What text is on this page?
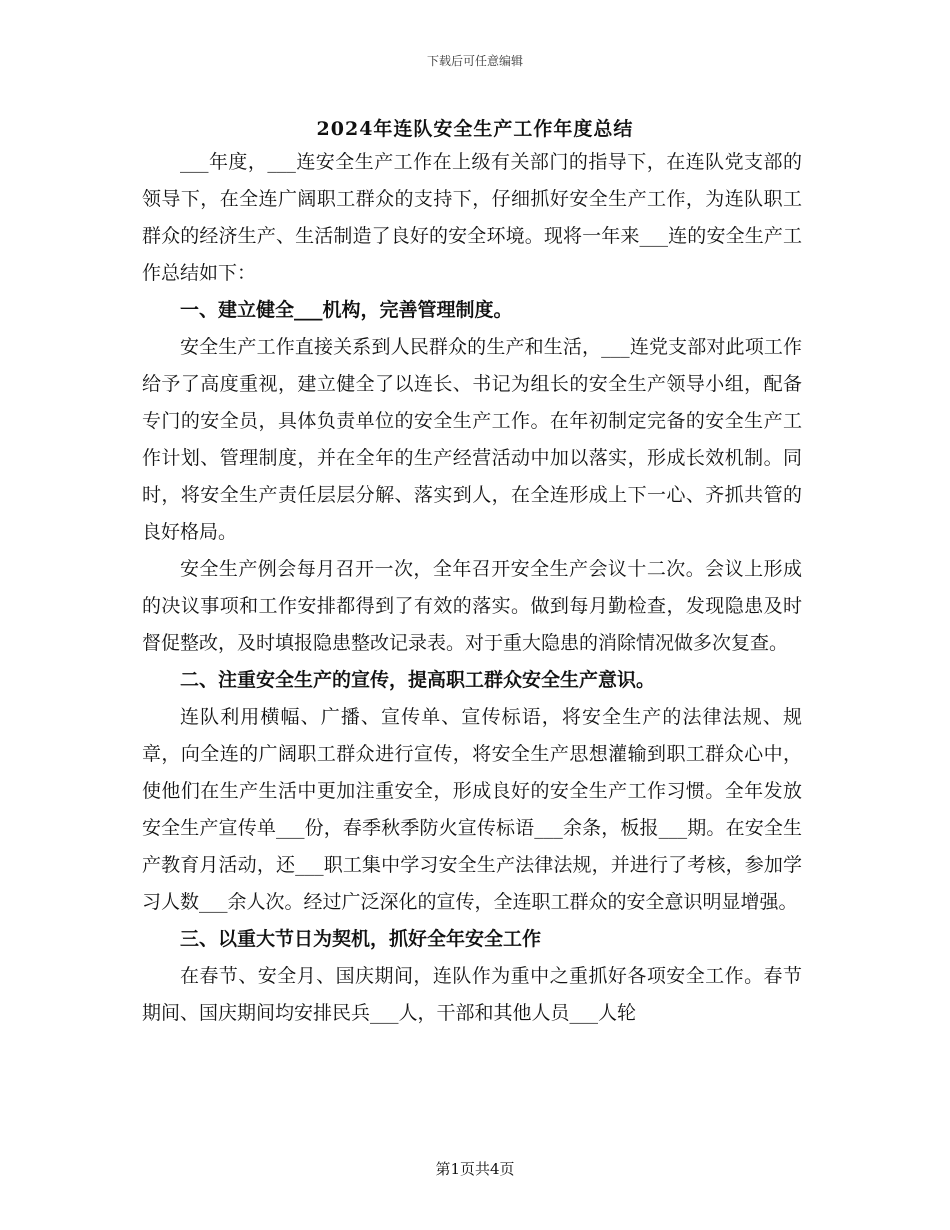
下载后可任意编辑
2024年连队安全生产工作年度总结

___年度，___连安全生产工作在上级有关部门的指导下，在连队党支部的领导下，在全连广阔职工群众的支持下，仔细抓好安全生产工作，为连队职工群众的经济生产、生活制造了良好的安全环境。现将一年来___连的安全生产工作总结如下：

一、建立健全___机构，完善管理制度。

安全生产工作直接关系到人民群众的生产和生活，___连党支部对此项工作给予了高度重视，建立健全了以连长、书记为组长的安全生产领导小组，配备专门的安全员，具体负责单位的安全生产工作。在年初制定完备的安全生产工作计划、管理制度，并在全年的生产经营活动中加以落实，形成长效机制。同时，将安全生产责任层层分解、落实到人，在全连形成上下一心、齐抓共管的良好格局。

安全生产例会每月召开一次，全年召开安全生产会议十二次。会议上形成的决议事项和工作安排都得到了有效的落实。做到每月勤检查，发现隐患及时督促整改，及时填报隐患整改记录表。对于重大隐患的消除情况做多次复查。

二、注重安全生产的宣传，提高职工群众安全生产意识。

连队利用横幅、广播、宣传单、宣传标语，将安全生产的法律法规、规章，向全连的广阔职工群众进行宣传，将安全生产思想灌输到职工群众心中，使他们在生产生活中更加注重安全，形成良好的安全生产工作习惯。全年发放安全生产宣传单___份，春季秋季防火宣传标语___余条，板报___期。在安全生产教育月活动，还___职工集中学习安全生产法律法规，并进行了考核，参加学习人数___余人次。经过广泛深化的宣传，全连职工群众的安全意识明显增强。

三、以重大节日为契机，抓好全年安全工作

在春节、安全月、国庆期间，连队作为重中之重抓好各项安全工作。春节期间、国庆期间均安排民兵___人，干部和其他人员___人轮

第1页共4页
